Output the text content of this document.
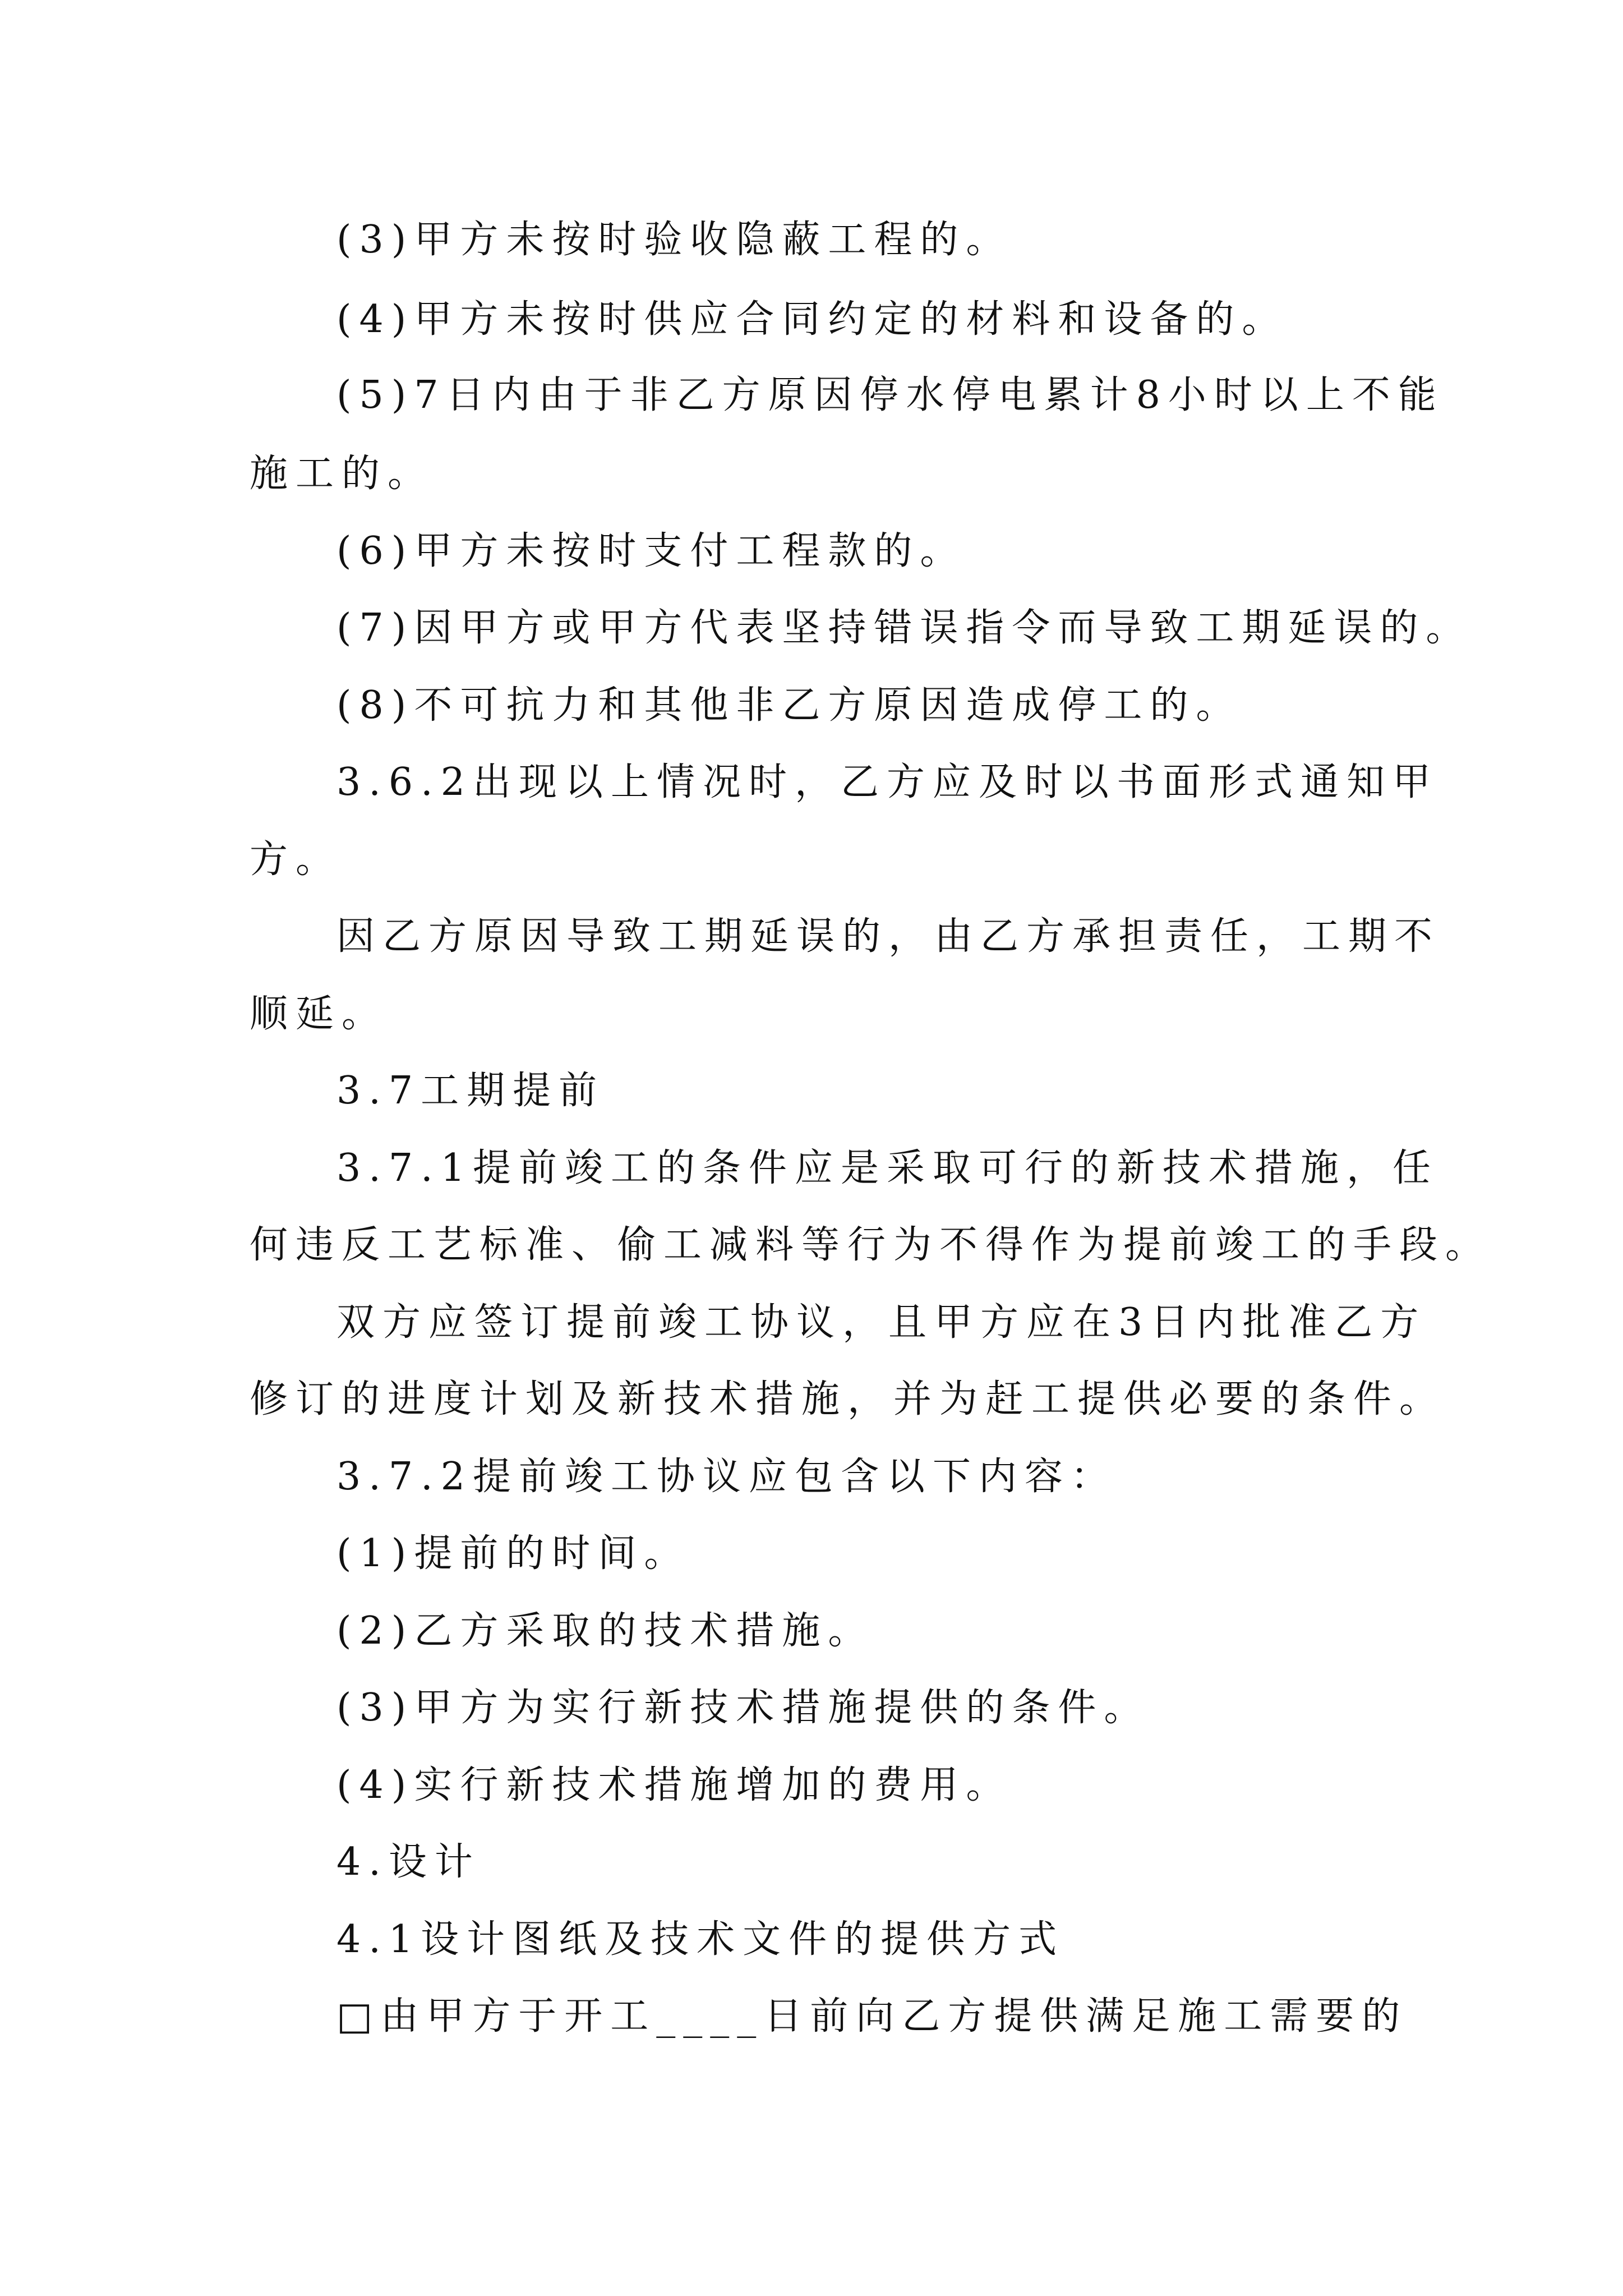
(3)甲方未按时验收隐蔽工程的。
(4)甲方未按时供应合同约定的材料和设备的。
(5)7日内由于非乙方原因停水停电累计8小时以上不能
施工的。
(6)甲方未按时支付工程款的。
(7)因甲方或甲方代表坚持错误指令而导致工期延误的。
(8)不可抗力和其他非乙方原因造成停工的。
3.6.2出现以上情况时，乙方应及时以书面形式通知甲
方。
因乙方原因导致工期延误的，由乙方承担责任，工期不
顺延。
3.7工期提前
3.7.1提前竣工的条件应是采取可行的新技术措施，任
何违反工艺标准、偷工减料等行为不得作为提前竣工的手段。
双方应签订提前竣工协议，且甲方应在3日内批准乙方
修订的进度计划及新技术措施，并为赶工提供必要的条件。
3.7.2提前竣工协议应包含以下内容：
(1)提前的时间。
(2)乙方采取的技术措施。
(3)甲方为实行新技术措施提供的条件。
(4)实行新技术措施增加的费用。
4.设计
4.1设计图纸及技术文件的提供方式
□由甲方于开工____日前向乙方提供满足施工需要的
